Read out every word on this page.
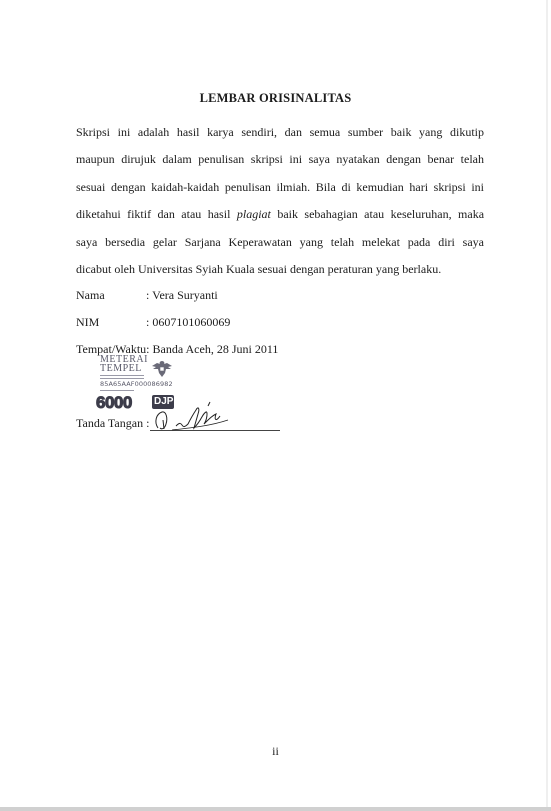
LEMBAR ORISINALITAS
Skripsi ini adalah hasil karya sendiri, dan semua sumber baik yang dikutip
maupun dirujuk dalam penulisan skripsi ini saya nyatakan dengan benar telah
sesuai dengan kaidah-kaidah penulisan ilmiah. Bila di kemudian hari skripsi ini
diketahui fiktif dan atau hasil plagiat baik sebahagian atau keseluruhan, maka
saya bersedia gelar Sarjana Keperawatan yang telah melekat pada diri saya
dicabut oleh Universitas Syiah Kuala sesuai dengan peraturan yang berlaku.
Nama	: Vera Suryanti
NIM	: 0607101060069
Tempat/Waktu: Banda Aceh, 28 Juni 2011
METERAI
TEMPEL
85A65AAF000086982
6000 DJP
Tanda Tangan :
ii
